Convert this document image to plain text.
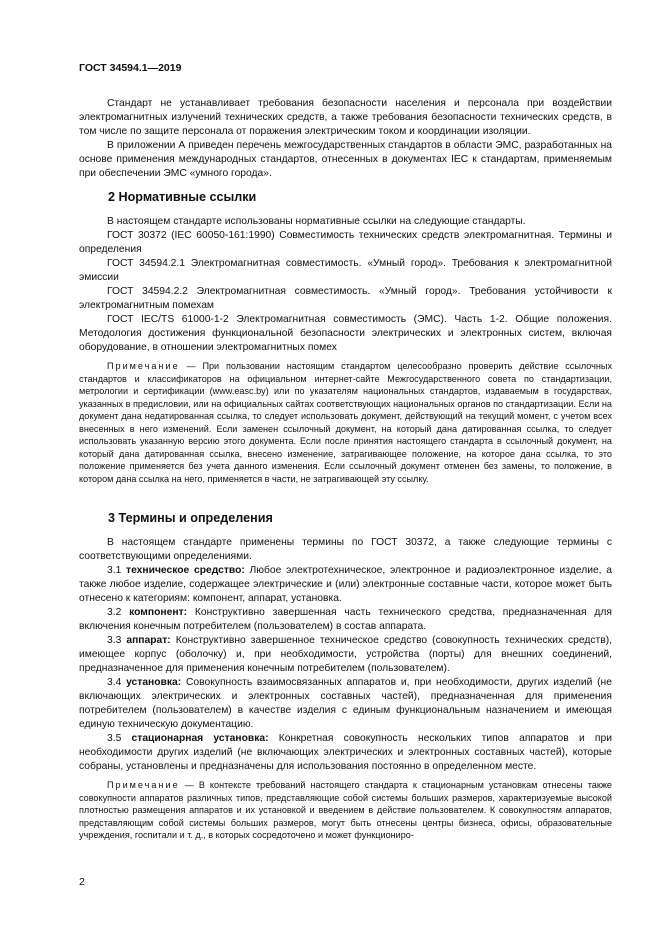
ГОСТ 34594.1—2019

Стандарт не устанавливает требования безопасности населения и персонала при воздействии электромагнитных излучений технических средств, а также требования безопасности технических средств, в том числе по защите персонала от поражения электрическим током и координации изоляции.

В приложении А приведен перечень межгосударственных стандартов в области ЭМС, разработанных на основе применения международных стандартов, отнесенных в документах IEC к стандартам, применяемым при обеспечении ЭМС «умного города».

2 Нормативные ссылки

В настоящем стандарте использованы нормативные ссылки на следующие стандарты.

ГОСТ 30372 (IEC 60050-161:1990) Совместимость технических средств электромагнитная. Термины и определения

ГОСТ 34594.2.1 Электромагнитная совместимость. «Умный город». Требования к электромагнитной эмиссии

ГОСТ 34594.2.2 Электромагнитная совместимость. «Умный город». Требования устойчивости к электромагнитным помехам

ГОСТ IEC/TS 61000-1-2 Электромагнитная совместимость (ЭМС). Часть 1-2. Общие положения. Методология достижения функциональной безопасности электрических и электронных систем, включая оборудование, в отношении электромагнитных помех

Примечание — При пользовании настоящим стандартом целесообразно проверить действие ссылочных стандартов и классификаторов на официальном интернет-сайте Межгосударственного совета по стандартизации, метрологии и сертификации (www.easc.by) или по указателям национальных стандартов, издаваемым в государствах, указанных в предисловии, или на официальных сайтах соответствующих национальных органов по стандартизации. Если на документ дана недатированная ссылка, то следует использовать документ, действующий на текущий момент, с учетом всех внесенных в него изменений. Если заменен ссылочный документ, на который дана датированная ссылка, то следует использовать указанную версию этого документа. Если после принятия настоящего стандарта в ссылочный документ, на который дана датированная ссылка, внесено изменение, затрагивающее положение, на которое дана ссылка, то это положение применяется без учета данного изменения. Если ссылочный документ отменен без замены, то положение, в котором дана ссылка на него, применяется в части, не затрагивающей эту ссылку.

3 Термины и определения

В настоящем стандарте применены термины по ГОСТ 30372, а также следующие термины с соответствующими определениями.

3.1 техническое средство: Любое электротехническое, электронное и радиоэлектронное изделие, а также любое изделие, содержащее электрические и (или) электронные составные части, которое может быть отнесено к категориям: компонент, аппарат, установка.

3.2 компонент: Конструктивно завершенная часть технического средства, предназначенная для включения конечным потребителем (пользователем) в состав аппарата.

3.3 аппарат: Конструктивно завершенное техническое средство (совокупность технических средств), имеющее корпус (оболочку) и, при необходимости, устройства (порты) для внешних соединений, предназначенное для применения конечным потребителем (пользователем).

3.4 установка: Совокупность взаимосвязанных аппаратов и, при необходимости, других изделий (не включающих электрических и электронных составных частей), предназначенная для применения потребителем (пользователем) в качестве изделия с единым функциональным назначением и имеющая единую техническую документацию.

3.5 стационарная установка: Конкретная совокупность нескольких типов аппаратов и при необходимости других изделий (не включающих электрических и электронных составных частей), которые собраны, установлены и предназначены для использования постоянно в определенном месте.

Примечание — В контексте требований настоящего стандарта к стационарным установкам отнесены также совокупности аппаратов различных типов, представляющие собой системы больших размеров, характеризуемые высокой плотностью размещения аппаратов и их установкой и введением в действие пользователем. К совокупностям аппаратов, представляющим собой системы больших размеров, могут быть отнесены центры бизнеса, офисы, образовательные учреждения, госпитали и т. д., в которых сосредоточено и может функциониро-

2
